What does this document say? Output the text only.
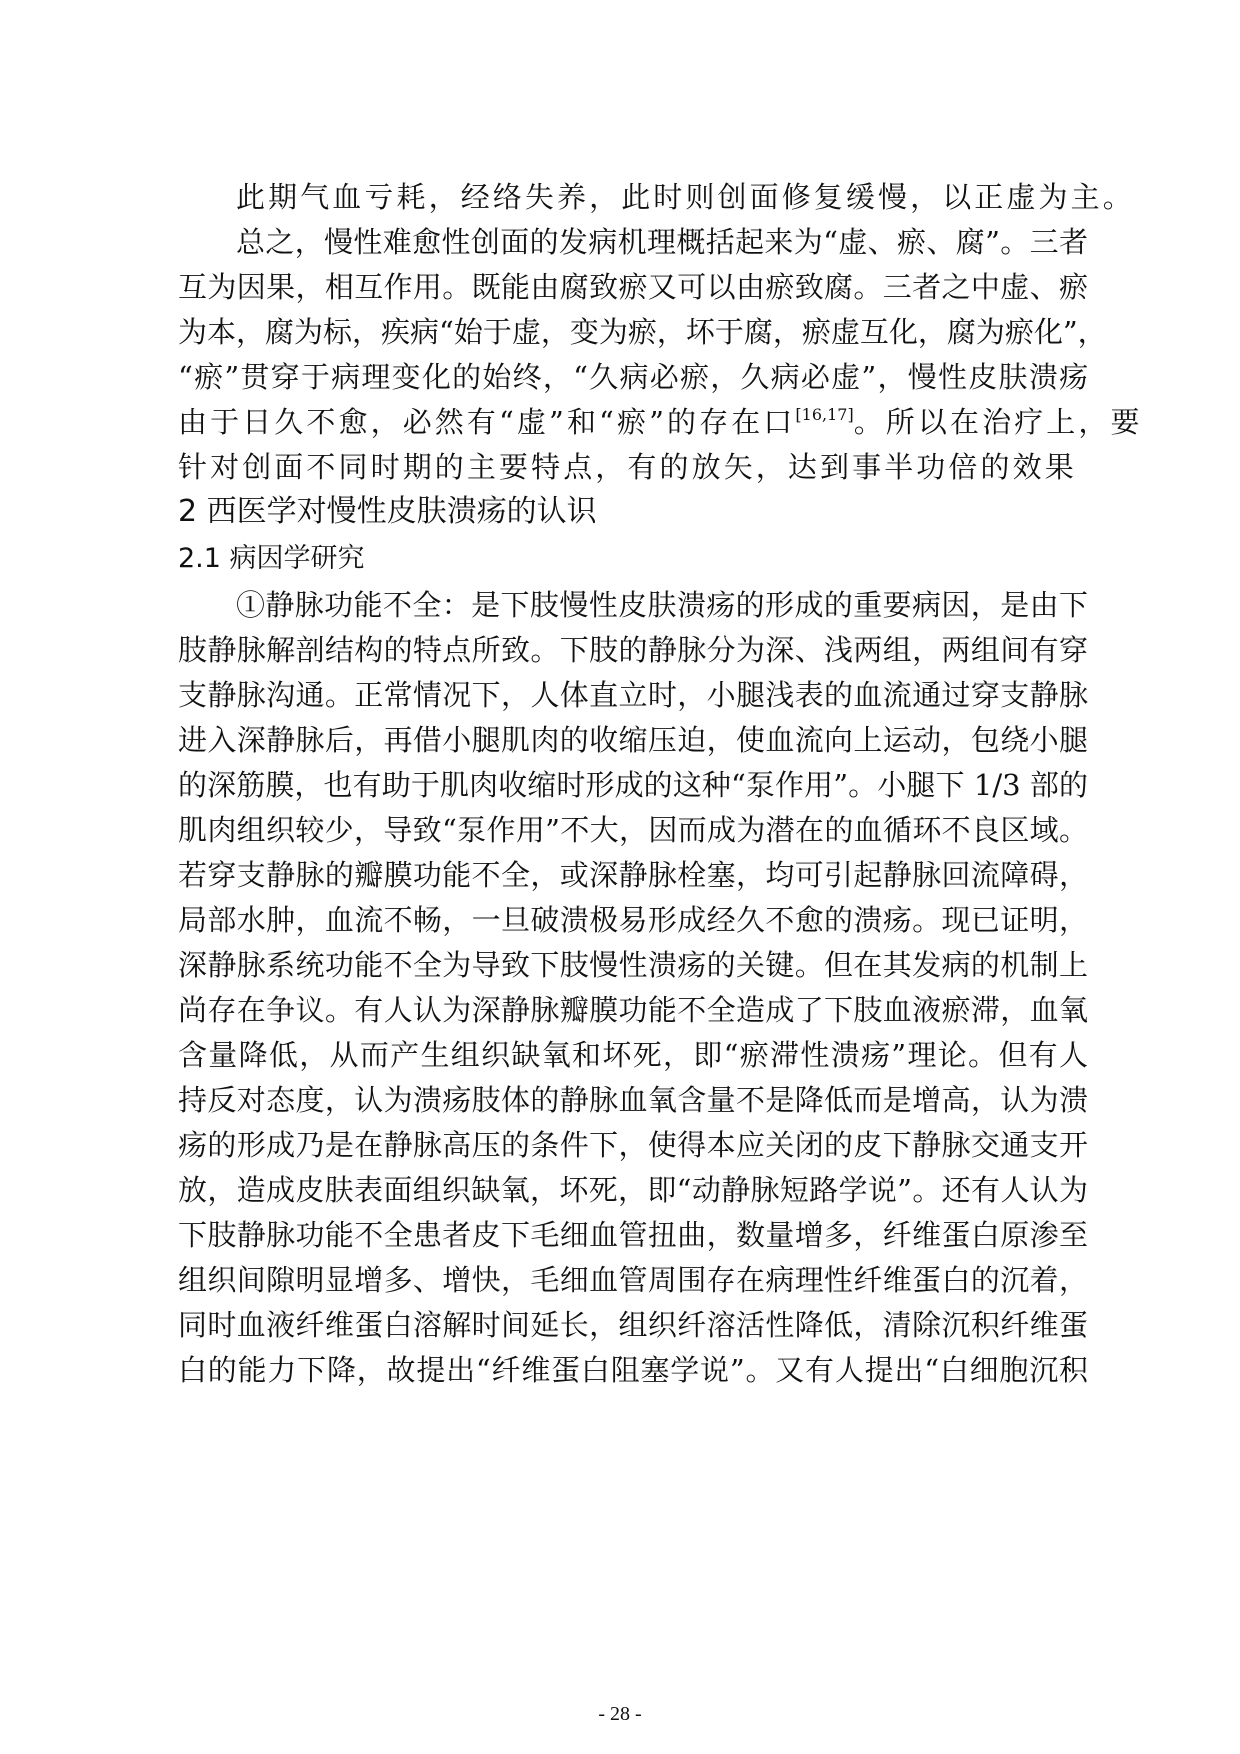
此期气血亏耗，经络失养，此时则创面修复缓慢，以正虚为主。
总之，慢性难愈性创面的发病机理概括起来为“虚、瘀、腐”。三者
互为因果，相互作用。既能由腐致瘀又可以由瘀致腐。三者之中虚、瘀
为本，腐为标，疾病“始于虚，变为瘀，坏于腐，瘀虚互化，腐为瘀化”，
“瘀”贯穿于病理变化的始终，“久病必瘀，久病必虚”，慢性皮肤溃疡
由于日久不愈，必然有“虚”和“瘀”的存在口[16,17]。所以在治疗上，要
针对创面不同时期的主要特点，有的放矢，达到事半功倍的效果
2 西医学对慢性皮肤溃疡的认识
2.1 病因学研究
①静脉功能不全：是下肢慢性皮肤溃疡的形成的重要病因，是由下
肢静脉解剖结构的特点所致。下肢的静脉分为深、浅两组，两组间有穿
支静脉沟通。正常情况下，人体直立时，小腿浅表的血流通过穿支静脉
进入深静脉后，再借小腿肌肉的收缩压迫，使血流向上运动，包绕小腿
的深筋膜，也有助于肌肉收缩时形成的这种“泵作用”。小腿下 1/3 部的
肌肉组织较少，导致“泵作用”不大，因而成为潜在的血循环不良区域。
若穿支静脉的瓣膜功能不全，或深静脉栓塞，均可引起静脉回流障碍，
局部水肿，血流不畅，一旦破溃极易形成经久不愈的溃疡。现已证明，
深静脉系统功能不全为导致下肢慢性溃疡的关键。但在其发病的机制上
尚存在争议。有人认为深静脉瓣膜功能不全造成了下肢血液瘀滞，血氧
含量降低，从而产生组织缺氧和坏死，即“瘀滞性溃疡”理论。但有人
持反对态度，认为溃疡肢体的静脉血氧含量不是降低而是增高，认为溃
疡的形成乃是在静脉高压的条件下，使得本应关闭的皮下静脉交通支开
放，造成皮肤表面组织缺氧，坏死，即“动静脉短路学说”。还有人认为
下肢静脉功能不全患者皮下毛细血管扭曲，数量增多，纤维蛋白原渗至
组织间隙明显增多、增快，毛细血管周围存在病理性纤维蛋白的沉着，
同时血液纤维蛋白溶解时间延长，组织纤溶活性降低，清除沉积纤维蛋
白的能力下降，故提出“纤维蛋白阻塞学说”。又有人提出“白细胞沉积
- 28 -
